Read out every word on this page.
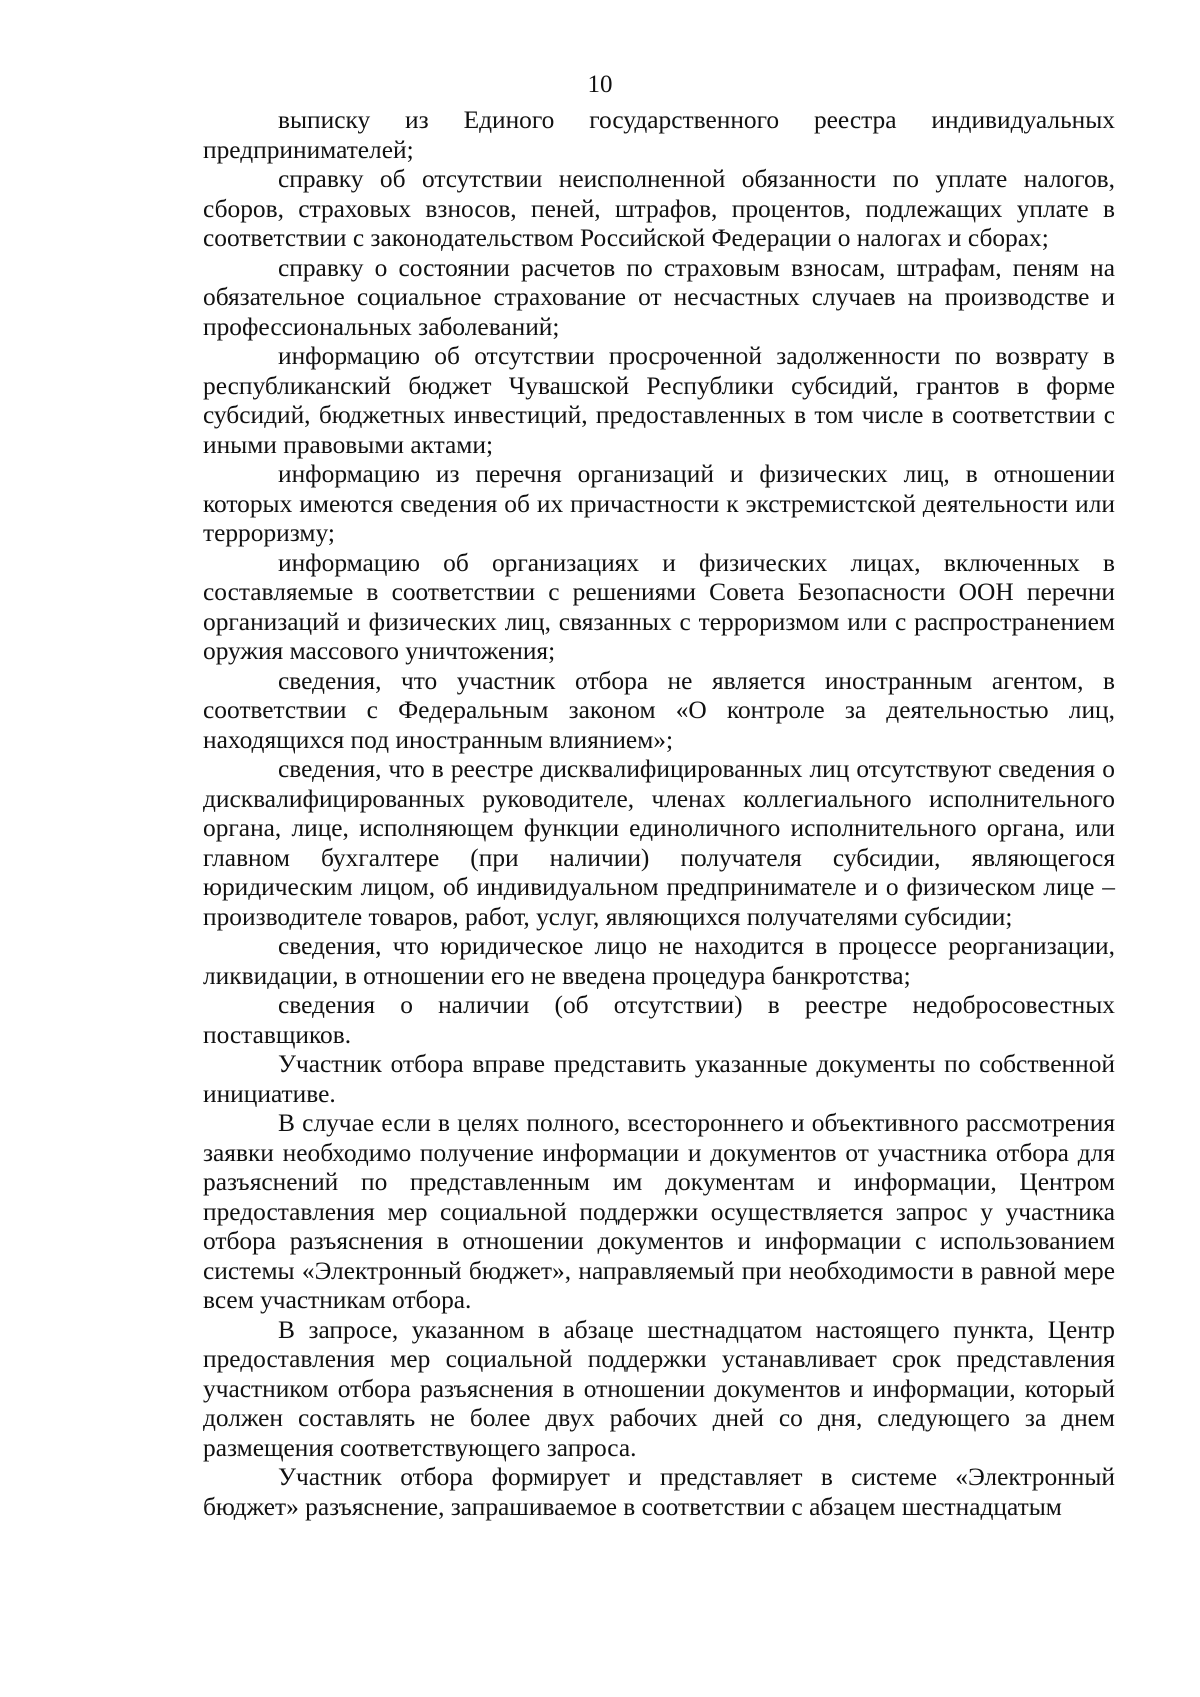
10

выписку из Единого государственного реестра индивидуальных предпринимателей;

справку об отсутствии неисполненной обязанности по уплате налогов, сборов, страховых взносов, пеней, штрафов, процентов, подлежащих уплате в соответствии с законодательством Российской Федерации о налогах и сборах;

справку о состоянии расчетов по страховым взносам, штрафам, пеням на обязательное социальное страхование от несчастных случаев на производстве и профессиональных заболеваний;

информацию об отсутствии просроченной задолженности по возврату в республиканский бюджет Чувашской Республики субсидий, грантов в форме субсидий, бюджетных инвестиций, предоставленных в том числе в соответствии с иными правовыми актами;

информацию из перечня организаций и физических лиц, в отношении которых имеются сведения об их причастности к экстремистской деятельности или терроризму;

информацию об организациях и физических лицах, включенных в составляемые в соответствии с решениями Совета Безопасности ООН перечни организаций и физических лиц, связанных с терроризмом или с распространением оружия массового уничтожения;

сведения, что участник отбора не является иностранным агентом, в соответствии с Федеральным законом «О контроле за деятельностью лиц, находящихся под иностранным влиянием»;

сведения, что в реестре дисквалифицированных лиц отсутствуют сведения о дисквалифицированных руководителе, членах коллегиального исполнительного органа, лице, исполняющем функции единоличного исполнительного органа, или главном бухгалтере (при наличии) получателя субсидии, являющегося юридическим лицом, об индивидуальном предпринимателе и о физическом лице – производителе товаров, работ, услуг, являющихся получателями субсидии;

сведения, что юридическое лицо не находится в процессе реорганизации, ликвидации, в отношении его не введена процедура банкротства;

сведения о наличии (об отсутствии) в реестре недобросовестных поставщиков.

Участник отбора вправе представить указанные документы по собственной инициативе.

В случае если в целях полного, всестороннего и объективного рассмотрения заявки необходимо получение информации и документов от участника отбора для разъяснений по представленным им документам и информации, Центром предоставления мер социальной поддержки осуществляется запрос у участника отбора разъяснения в отношении документов и информации с использованием системы «Электронный бюджет», направляемый при необходимости в равной мере всем участникам отбора.

В запросе, указанном в абзаце шестнадцатом настоящего пункта, Центр предоставления мер социальной поддержки устанавливает срок представления участником отбора разъяснения в отношении документов и информации, который должен составлять не более двух рабочих дней со дня, следующего за днем размещения соответствующего запроса.

Участник отбора формирует и представляет в системе «Электронный бюджет» разъяснение, запрашиваемое в соответствии с абзацем шестнадцатым
